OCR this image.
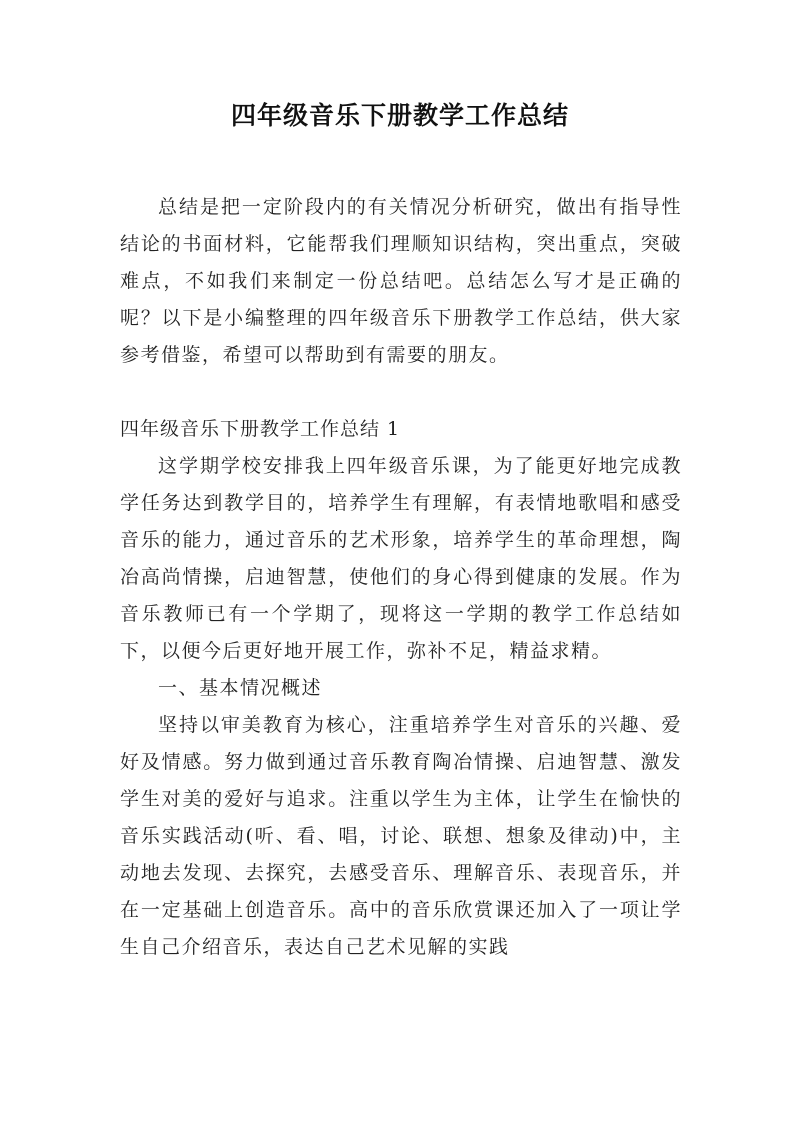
四年级音乐下册教学工作总结

总结是把一定阶段内的有关情况分析研究，做出有指导性结论的书面材料，它能帮我们理顺知识结构，突出重点，突破难点，不如我们来制定一份总结吧。总结怎么写才是正确的呢？以下是小编整理的四年级音乐下册教学工作总结，供大家参考借鉴，希望可以帮助到有需要的朋友。

四年级音乐下册教学工作总结 1

这学期学校安排我上四年级音乐课，为了能更好地完成教学任务达到教学目的，培养学生有理解，有表情地歌唱和感受音乐的能力，通过音乐的艺术形象，培养学生的革命理想，陶冶高尚情操，启迪智慧，使他们的身心得到健康的发展。作为音乐教师已有一个学期了，现将这一学期的教学工作总结如下，以便今后更好地开展工作，弥补不足，精益求精。

一、基本情况概述

坚持以审美教育为核心，注重培养学生对音乐的兴趣、爱好及情感。努力做到通过音乐教育陶冶情操、启迪智慧、激发学生对美的爱好与追求。注重以学生为主体，让学生在愉快的音乐实践活动(听、看、唱，讨论、联想、想象及律动)中，主动地去发现、去探究，去感受音乐、理解音乐、表现音乐，并在一定基础上创造音乐。高中的音乐欣赏课还加入了一项让学生自己介绍音乐，表达自己艺术见解的实践
